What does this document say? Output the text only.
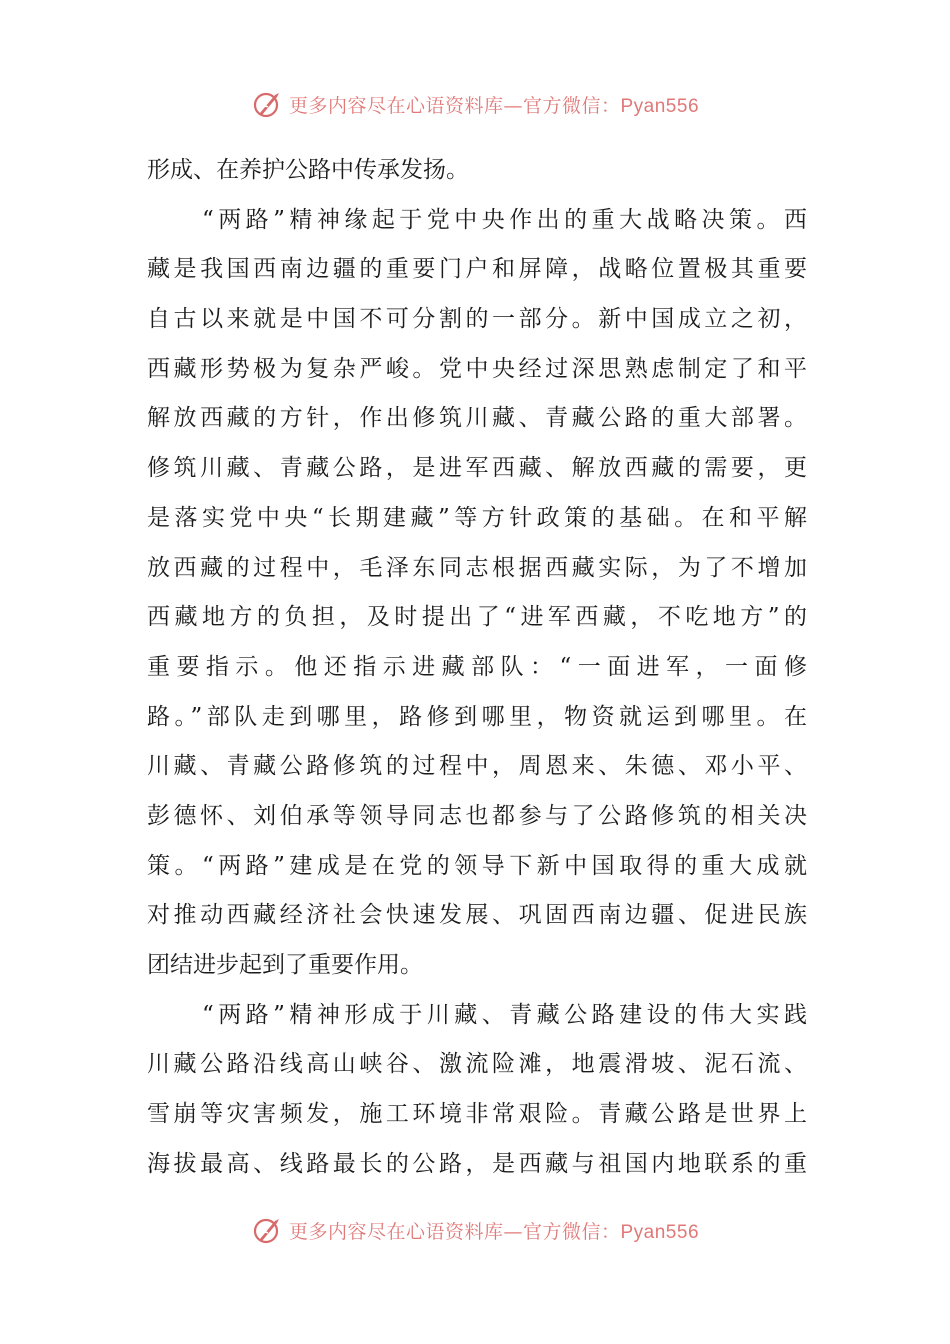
更多内容尽在心语资料库—官方微信：Pyan556
形成、在养护公路中传承发扬。
　　“两路”精神缘起于党中央作出的重大战略决策。西
藏是我国西南边疆的重要门户和屏障，战略位置极其重要
自古以来就是中国不可分割的一部分。新中国成立之初，
西藏形势极为复杂严峻。党中央经过深思熟虑制定了和平
解放西藏的方针，作出修筑川藏、青藏公路的重大部署。
修筑川藏、青藏公路，是进军西藏、解放西藏的需要，更
是落实党中央“长期建藏”等方针政策的基础。在和平解
放西藏的过程中，毛泽东同志根据西藏实际，为了不增加
西藏地方的负担，及时提出了“进军西藏，不吃地方”的
重要指示。他还指示进藏部队：“一面进军，一面修
路。”部队走到哪里，路修到哪里，物资就运到哪里。在
川藏、青藏公路修筑的过程中，周恩来、朱德、邓小平、
彭德怀、刘伯承等领导同志也都参与了公路修筑的相关决
策。“两路”建成是在党的领导下新中国取得的重大成就
对推动西藏经济社会快速发展、巩固西南边疆、促进民族
团结进步起到了重要作用。
　　“两路”精神形成于川藏、青藏公路建设的伟大实践
川藏公路沿线高山峡谷、激流险滩，地震滑坡、泥石流、
雪崩等灾害频发，施工环境非常艰险。青藏公路是世界上
海拔最高、线路最长的公路，是西藏与祖国内地联系的重
更多内容尽在心语资料库—官方微信：Pyan556
